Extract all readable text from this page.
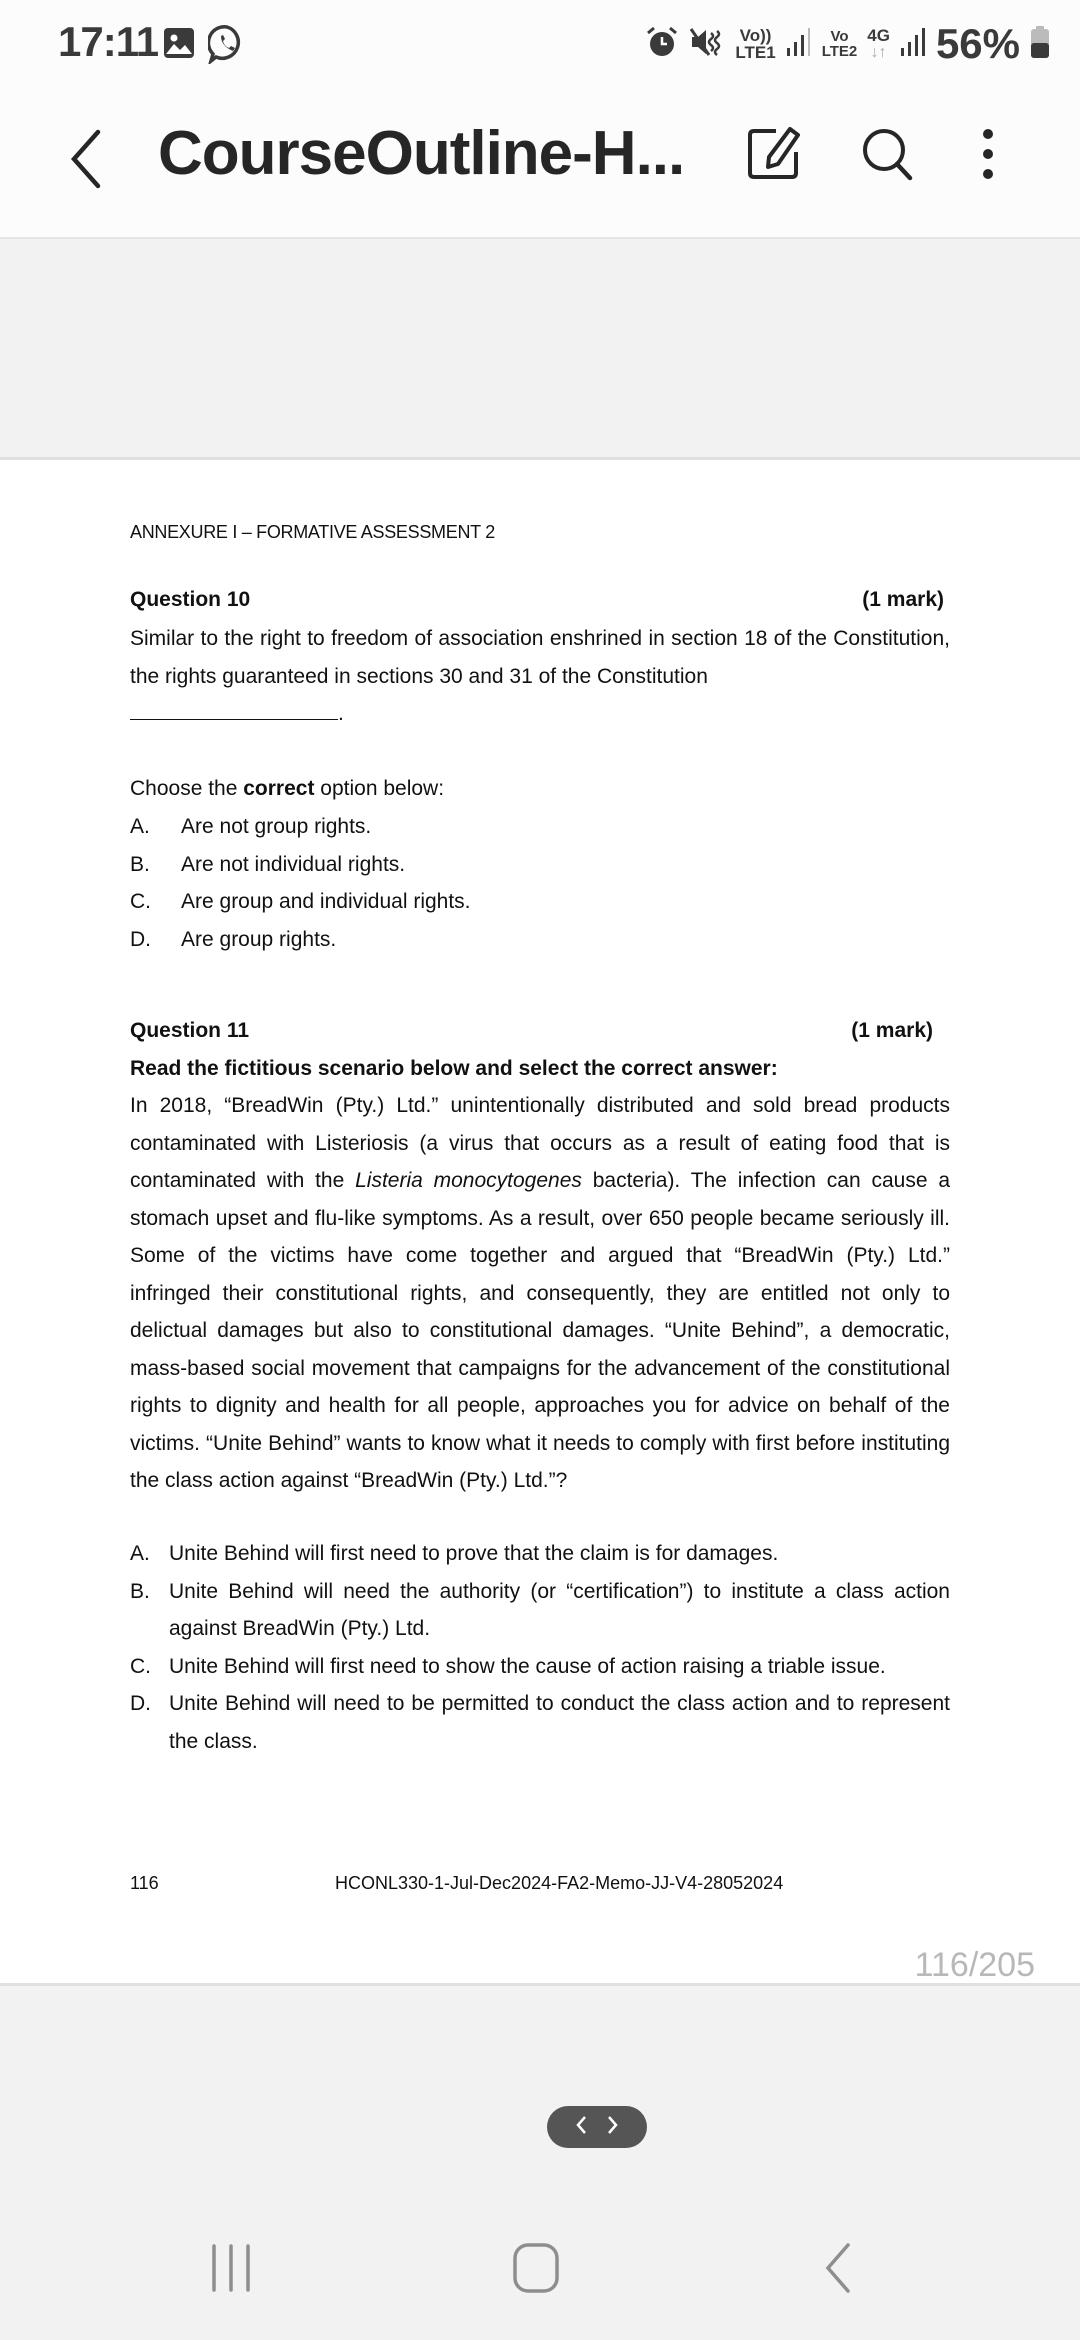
17:11	Vo))
LTE1
Vo
LTE2
4G
↓↑ 56%
CourseOutline-H...
ANNEXURE I – FORMATIVE ASSESSMENT 2
Question 10	(1 mark)
Similar to the right to freedom of association enshrined in section 18 of the Constitution, the rights guaranteed in sections 30 and 31 of the Constitution
.
Choose the correct option below:
A.	Are not group rights.
B.	Are not individual rights.
C.	Are group and individual rights.
D.	Are group rights.
Question 11	(1 mark)
Read the fictitious scenario below and select the correct answer:
In 2018, “BreadWin (Pty.) Ltd.” unintentionally distributed and sold bread products contaminated with Listeriosis (a virus that occurs as a result of eating food that is contaminated with the Listeria monocytogenes bacteria). The infection can cause a stomach upset and flu-like symptoms. As a result, over 650 people became seriously ill. Some of the victims have come together and argued that “BreadWin (Pty.) Ltd.” infringed their constitutional rights, and consequently, they are entitled not only to delictual damages but also to constitutional damages. “Unite Behind”, a democratic, mass-based social movement that campaigns for the advancement of the constitutional rights to dignity and health for all people, approaches you for advice on behalf of the victims. “Unite Behind” wants to know what it needs to comply with first before instituting the class action against “BreadWin (Pty.) Ltd.”?
A. Unite Behind will first need to prove that the claim is for damages.
B. Unite Behind will need the authority (or “certification”) to institute a class action against BreadWin (Pty.) Ltd.
C. Unite Behind will first need to show the cause of action raising a triable issue.
D. Unite Behind will need to be permitted to conduct the class action and to represent the class.
116	HCONL330-1-Jul-Dec2024-FA2-Memo-JJ-V4-28052024
116/205
